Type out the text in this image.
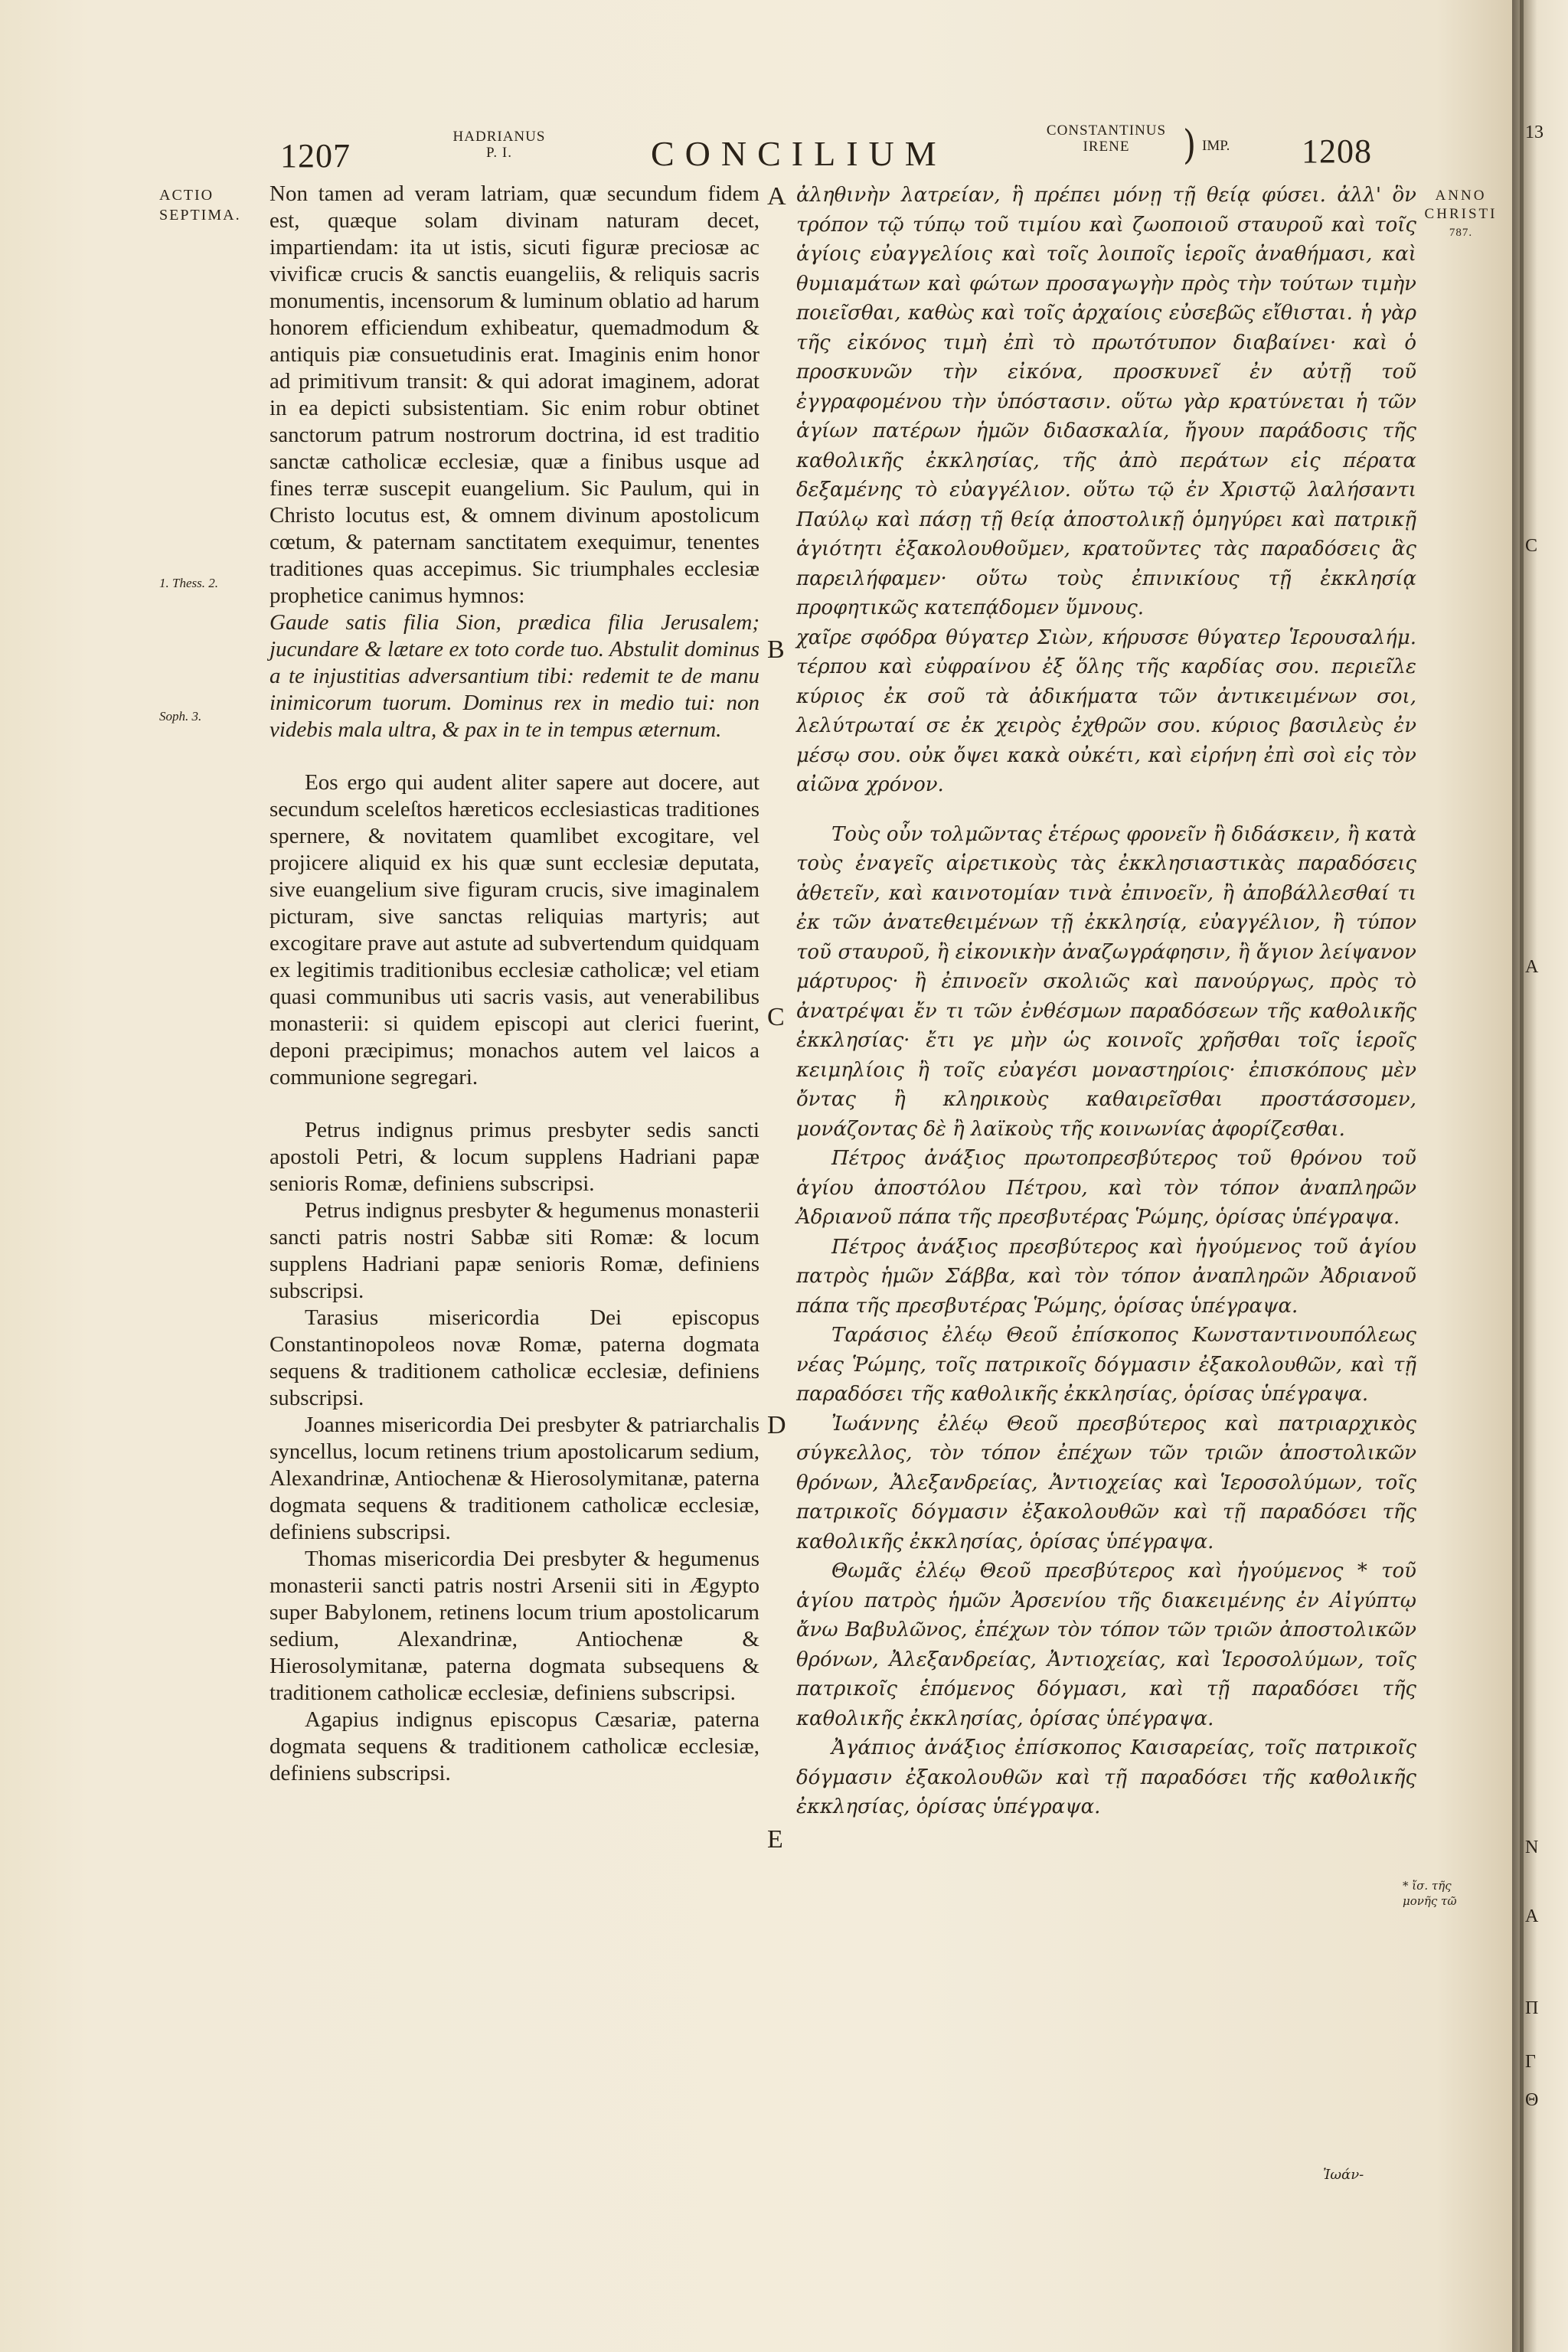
1207
HADRIANUS
P. I.	CONCILIUM
CONSTANTINUS
IRENE	) IMP. 1208
ACTIO
SEPTIMA.
1. Thess. 2.
Soph. 3.

Non tamen ad veram latriam, quæ secundum fidem est, quæque solam divinam naturam decet, impartiendam: ita ut istis, sicuti figuræ preciosæ ac vivificæ crucis & sanctis euangeliis, & reliquis sacris monumentis, incensorum & luminum oblatio ad harum honorem efficiendum exhibeatur, quemadmodum & antiquis piæ consuetudinis erat. Imaginis enim honor ad primitivum transit: & qui adorat imaginem, adorat in ea depicti subsistentiam. Sic enim robur obtinet sanctorum patrum nostrorum doctrina, id est traditio sanctæ catholicæ ecclesiæ, quæ a finibus usque ad fines terræ suscepit euangelium. Sic Paulum, qui in Christo locutus est, & omnem divinum apostolicum cœtum, & paternam sanctitatem exequimur, tenentes traditiones quas accepimus. Sic triumphales ecclesiæ prophetice canimus hymnos:

Gaude satis filia Sion, prædica filia Jerusalem; jucundare & lætare ex toto corde tuo. Abstulit dominus a te injustitias adversantium tibi: redemit te de manu inimicorum tuorum. Dominus rex in medio tui: non videbis mala ultra, & pax in te in tempus æternum.

Eos ergo qui audent aliter sapere aut docere, aut secundum sceleſtos hæreticos ecclesiasticas traditiones spernere, & novitatem quamlibet excogitare, vel projicere aliquid ex his quæ sunt ecclesiæ deputata, sive euangelium sive figuram crucis, sive imaginalem picturam, sive sanctas reliquias martyris; aut excogitare prave aut astute ad subvertendum quidquam ex legitimis traditionibus ecclesiæ catholicæ; vel etiam quasi communibus uti sacris vasis, aut venerabilibus monasterii: si quidem episcopi aut clerici fuerint, deponi præcipimus; monachos autem vel laicos a communione segregari.

Petrus indignus primus presbyter sedis sancti apostoli Petri, & locum supplens Hadriani papæ senioris Romæ, definiens subscripsi.

Petrus indignus presbyter & hegumenus monasterii sancti patris nostri Sabbæ siti Romæ: & locum supplens Hadriani papæ senioris Romæ, definiens subscripsi.

Tarasius misericordia Dei episcopus Constantinopoleos novæ Romæ, paterna dogmata sequens & traditionem catholicæ ecclesiæ, definiens subscripsi.

Joannes misericordia Dei presbyter & patriarchalis syncellus, locum retinens trium apostolicarum sedium, Alexandrinæ, Antiochenæ & Hierosolymitanæ, paterna dogmata sequens & traditionem catholicæ ecclesiæ, definiens subscripsi.

Thomas misericordia Dei presbyter & hegumenus monasterii sancti patris nostri Arsenii siti in Ægypto super Babylonem, retinens locum trium apostolicarum sedium, Alexandrinæ, Antiochenæ & Hierosolymitanæ, paterna dogmata subsequens & traditionem catholicæ ecclesiæ, definiens subscripsi.

Agapius indignus episcopus Cæsariæ, paterna dogmata sequens & traditionem catholicæ ecclesiæ, definiens subscripsi.

A
B
C
D
E

ἀληθινὴν λατρείαν, ἣ πρέπει μόνῃ τῇ θείᾳ φύσει. ἀλλ' ὃν τρόπον τῷ τύπῳ τοῦ τιμίου καὶ ζωοποιοῦ σταυροῦ καὶ τοῖς ἁγίοις εὐαγγελίοις καὶ τοῖς λοιποῖς ἱεροῖς ἀναθήμασι, καὶ θυμιαμάτων καὶ φώτων προσαγωγὴν πρὸς τὴν τούτων τιμὴν ποιεῖσθαι, καθὼς καὶ τοῖς ἀρχαίοις εὐσεβῶς εἴθισται. ἡ γὰρ τῆς εἰκόνος τιμὴ ἐπὶ τὸ πρωτότυπον διαβαίνει· καὶ ὁ προσκυνῶν τὴν εἰκόνα, προσκυνεῖ ἐν αὐτῇ τοῦ ἐγγραφομένου τὴν ὑπόστασιν. οὕτω γὰρ κρατύνεται ἡ τῶν ἁγίων πατέρων ἡμῶν διδασκαλία, ἤγουν παράδοσις τῆς καθολικῆς ἐκκλησίας, τῆς ἀπὸ περάτων εἰς πέρατα δεξαμένης τὸ εὐαγγέλιον. οὕτω τῷ ἐν Χριστῷ λαλήσαντι Παύλῳ καὶ πάσῃ τῇ θείᾳ ἀποστολικῇ ὁμηγύρει καὶ πατρικῇ ἁγιότητι ἐξακολουθοῦμεν, κρατοῦντες τὰς παραδόσεις ἃς παρειλήφαμεν· οὕτω τοὺς ἐπινικίους τῇ ἐκκλησίᾳ προφητικῶς κατεπᾴδομεν ὕμνους.

χαῖρε σφόδρα θύγατερ Σιὼν, κήρυσσε θύγατερ Ἱερουσαλήμ. τέρπου καὶ εὐφραίνου ἐξ ὅλης τῆς καρδίας σου. περιεῖλε κύριος ἐκ σοῦ τὰ ἀδικήματα τῶν ἀντικειμένων σοι, λελύτρωταί σε ἐκ χειρὸς ἐχθρῶν σου. κύριος βασιλεὺς ἐν μέσῳ σου. οὐκ ὄψει κακὰ οὐκέτι, καὶ εἰρήνη ἐπὶ σοὶ εἰς τὸν αἰῶνα χρόνον.

Τοὺς οὖν τολμῶντας ἑτέρως φρονεῖν ἢ διδάσκειν, ἢ κατὰ τοὺς ἐναγεῖς αἱρετικοὺς τὰς ἐκκλησιαστικὰς παραδόσεις ἀθετεῖν, καὶ καινοτομίαν τινὰ ἐπινοεῖν, ἢ ἀποβάλλεσθαί τι ἐκ τῶν ἀνατεθειμένων τῇ ἐκκλησίᾳ, εὐαγγέλιον, ἢ τύπον τοῦ σταυροῦ, ἢ εἰκονικὴν ἀναζωγράφησιν, ἢ ἅγιον λείψανον μάρτυρος· ἢ ἐπινοεῖν σκολιῶς καὶ πανούργως, πρὸς τὸ ἀνατρέψαι ἔν τι τῶν ἐνθέσμων παραδόσεων τῆς καθολικῆς ἐκκλησίας· ἔτι γε μὴν ὡς κοινοῖς χρῆσθαι τοῖς ἱεροῖς κειμηλίοις ἢ τοῖς εὐαγέσι μοναστηρίοις· ἐπισκόπους μὲν ὄντας ἢ κληρικοὺς καθαιρεῖσθαι προστάσσομεν, μονάζοντας δὲ ἢ λαϊκοὺς τῆς κοινωνίας ἀφορίζεσθαι.

Πέτρος ἀνάξιος πρωτοπρεσβύτερος τοῦ θρόνου τοῦ ἁγίου ἀποστόλου Πέτρου, καὶ τὸν τόπον ἀναπληρῶν Ἀδριανοῦ πάπα τῆς πρεσβυτέρας Ῥώμης, ὁρίσας ὑπέγραψα.

Πέτρος ἀνάξιος πρεσβύτερος καὶ ἡγούμενος τοῦ ἁγίου πατρὸς ἡμῶν Σάββα, καὶ τὸν τόπον ἀναπληρῶν Ἀδριανοῦ πάπα τῆς πρεσβυτέρας Ῥώμης, ὁρίσας ὑπέγραψα.

Ταράσιος ἐλέῳ Θεοῦ ἐπίσκοπος Κωνσταντινουπόλεως νέας Ῥώμης, τοῖς πατρικοῖς δόγμασιν ἐξακολουθῶν, καὶ τῇ παραδόσει τῆς καθολικῆς ἐκκλησίας, ὁρίσας ὑπέγραψα.

Ἰωάννης ἐλέῳ Θεοῦ πρεσβύτερος καὶ πατριαρχικὸς σύγκελλος, τὸν τόπον ἐπέχων τῶν τριῶν ἀποστολικῶν θρόνων, Ἀλεξανδρείας, Ἀντιοχείας καὶ Ἱεροσολύμων, τοῖς πατρικοῖς δόγμασιν ἐξακολουθῶν καὶ τῇ παραδόσει τῆς καθολικῆς ἐκκλησίας, ὁρίσας ὑπέγραψα.

Θωμᾶς ἐλέῳ Θεοῦ πρεσβύτερος καὶ ἡγούμενος * τοῦ ἁγίου πατρὸς ἡμῶν Ἀρσενίου τῆς διακειμένης ἐν Αἰγύπτῳ ἄνω Βαβυλῶνος, ἐπέχων τὸν τόπον τῶν τριῶν ἀποστολικῶν θρόνων, Ἀλεξανδρείας, Ἀντιοχείας, καὶ Ἱεροσολύμων, τοῖς πατρικοῖς ἑπόμενος δόγμασι, καὶ τῇ παραδόσει τῆς καθολικῆς ἐκκλησίας, ὁρίσας ὑπέγραψα.

Ἀγάπιος ἀνάξιος ἐπίσκοπος Καισαρείας, τοῖς πατρικοῖς δόγμασιν ἐξακολουθῶν καὶ τῇ παραδόσει τῆς καθολικῆς ἐκκλησίας, ὁρίσας ὑπέγραψα.

ANNO
CHRISTI
787.
* ἴσ. τῆς
μονῆς τῶ
Ἰωάν-
13
C
A
Π
Γ
Θ
Ν
Α
